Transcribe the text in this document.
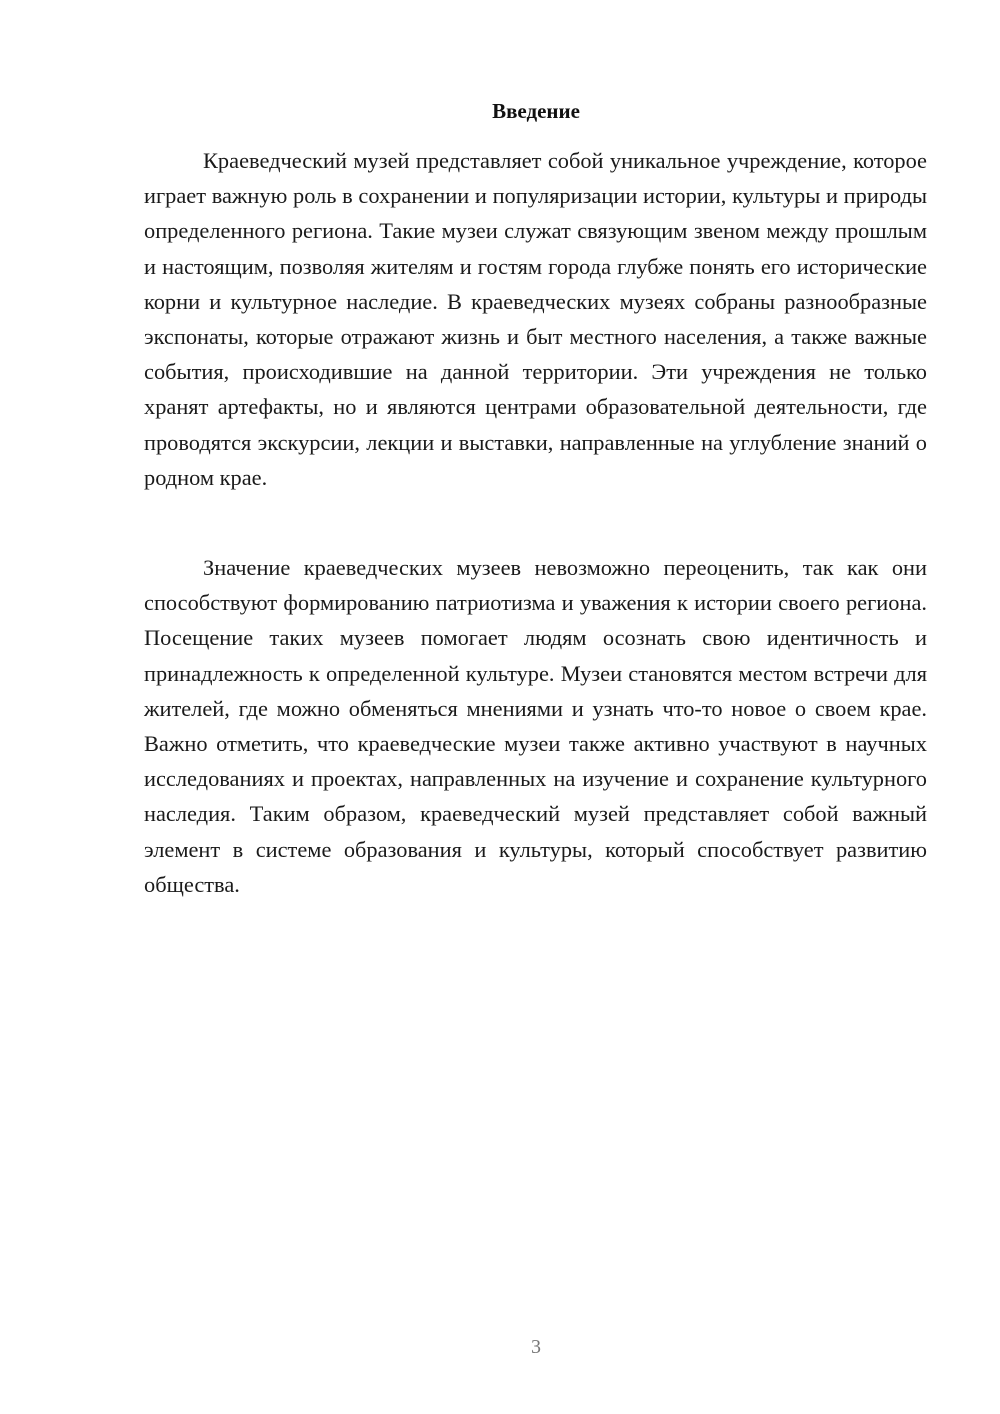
Введение

Краеведческий музей представляет собой уникальное учреждение, которое играет важную роль в сохранении и популяризации истории, культуры и природы определенного региона. Такие музеи служат связующим звеном между прошлым и настоящим, позволяя жителям и гостям города глубже понять его исторические корни и культурное наследие. В краеведческих музеях собраны разнообразные экспонаты, которые отражают жизнь и быт местного населения, а также важные события, происходившие на данной территории. Эти учреждения не только хранят артефакты, но и являются центрами образовательной деятельности, где проводятся экскурсии, лекции и выставки, направленные на углубление знаний о родном крае.

Значение краеведческих музеев невозможно переоценить, так как они способствуют формированию патриотизма и уважения к истории своего региона. Посещение таких музеев помогает людям осознать свою идентичность и принадлежность к определенной культуре. Музеи становятся местом встречи для жителей, где можно обменяться мнениями и узнать что-то новое о своем крае. Важно отметить, что краеведческие музеи также активно участвуют в научных исследованиях и проектах, направленных на изучение и сохранение культурного наследия. Таким образом, краеведческий музей представляет собой важный элемент в системе образования и культуры, который способствует развитию общества.

3
